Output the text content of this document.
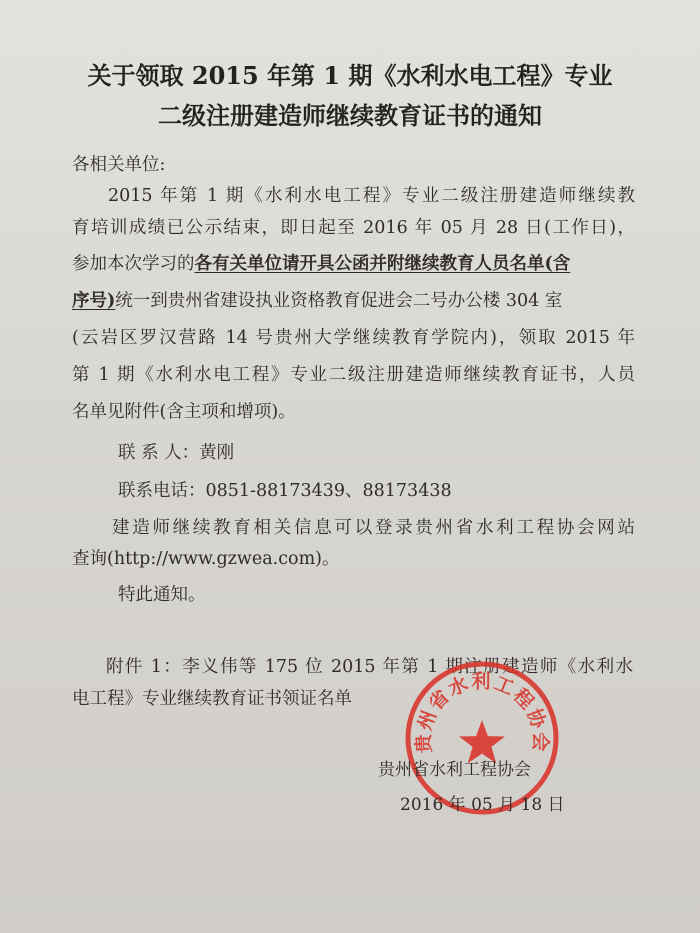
关于领取 2015 年第 1 期《水利水电工程》专业
二级注册建造师继续教育证书的通知
各相关单位:
2015 年第 1 期《水利水电工程》专业二级注册建造师继续教
育培训成绩已公示结束，即日起至 2016 年 05 月 28 日(工作日)，
参加本次学习的各有关单位请开具公函并附继续教育人员名单(含
序号)统一到贵州省建设执业资格教育促进会二号办公楼 304 室
(云岩区罗汉营路 14 号贵州大学继续教育学院内)，领取 2015 年
第 1 期《水利水电工程》专业二级注册建造师继续教育证书，人员
名单见附件(含主项和增项)。
联 系 人：黄刚
联系电话：0851-88173439、88173438
建造师继续教育相关信息可以登录贵州省水利工程协会网站
查询(http://www.gzwea.com)。
特此通知。
附件 1：李义伟等 175 位 2015 年第 1 期注册建造师《水利水
电工程》专业继续教育证书领证名单
贵州省水利工程协会
贵州省水利工程协会
2016 年 05 月 18 日
